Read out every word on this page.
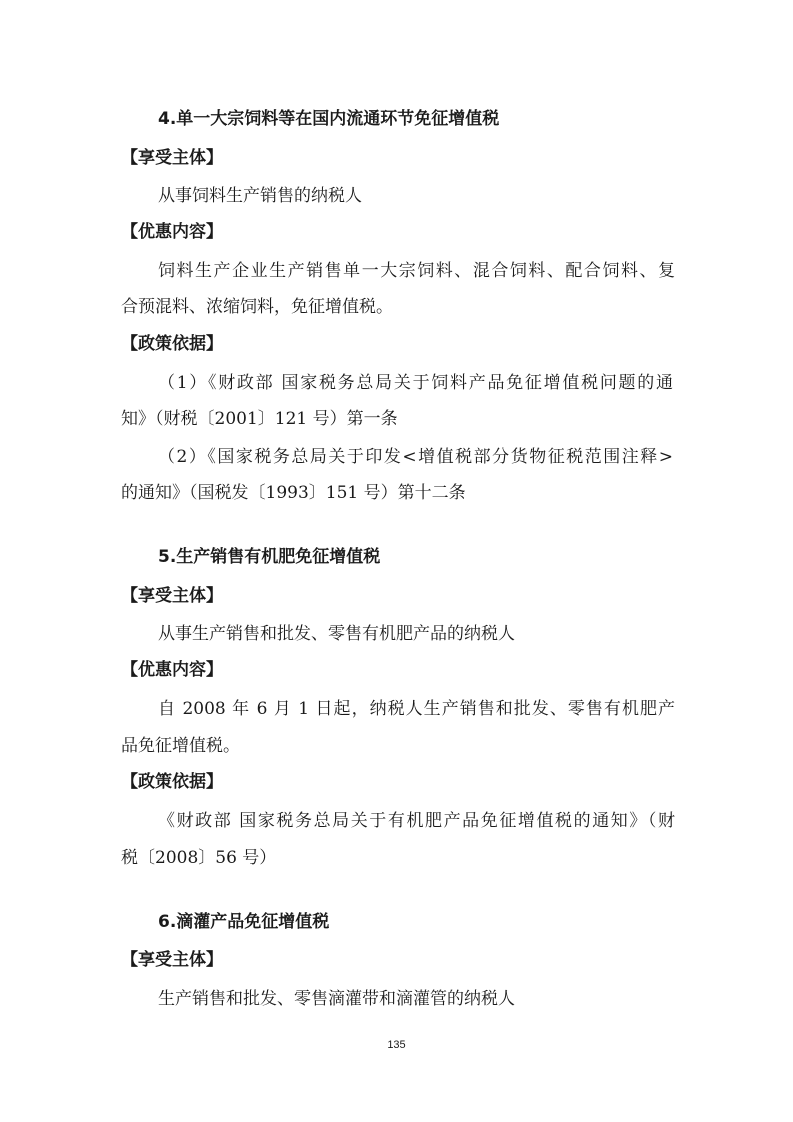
4.单一大宗饲料等在国内流通环节免征增值税
【享受主体】
从事饲料生产销售的纳税人
【优惠内容】
饲料生产企业生产销售单一大宗饲料、混合饲料、配合饲料、复
合预混料、浓缩饲料，免征增值税。
【政策依据】
（1）《财政部 国家税务总局关于饲料产品免征增值税问题的通
知》（财税〔2001〕121 号）第一条
（2）《国家税务总局关于印发<增值税部分货物征税范围注释>
的通知》（国税发〔1993〕151 号）第十二条
5.生产销售有机肥免征增值税
【享受主体】
从事生产销售和批发、零售有机肥产品的纳税人
【优惠内容】
自 2008 年 6 月 1 日起，纳税人生产销售和批发、零售有机肥产
品免征增值税。
【政策依据】
《财政部 国家税务总局关于有机肥产品免征增值税的通知》（财
税〔2008〕56 号）
6.滴灌产品免征增值税
【享受主体】
生产销售和批发、零售滴灌带和滴灌管的纳税人
135
